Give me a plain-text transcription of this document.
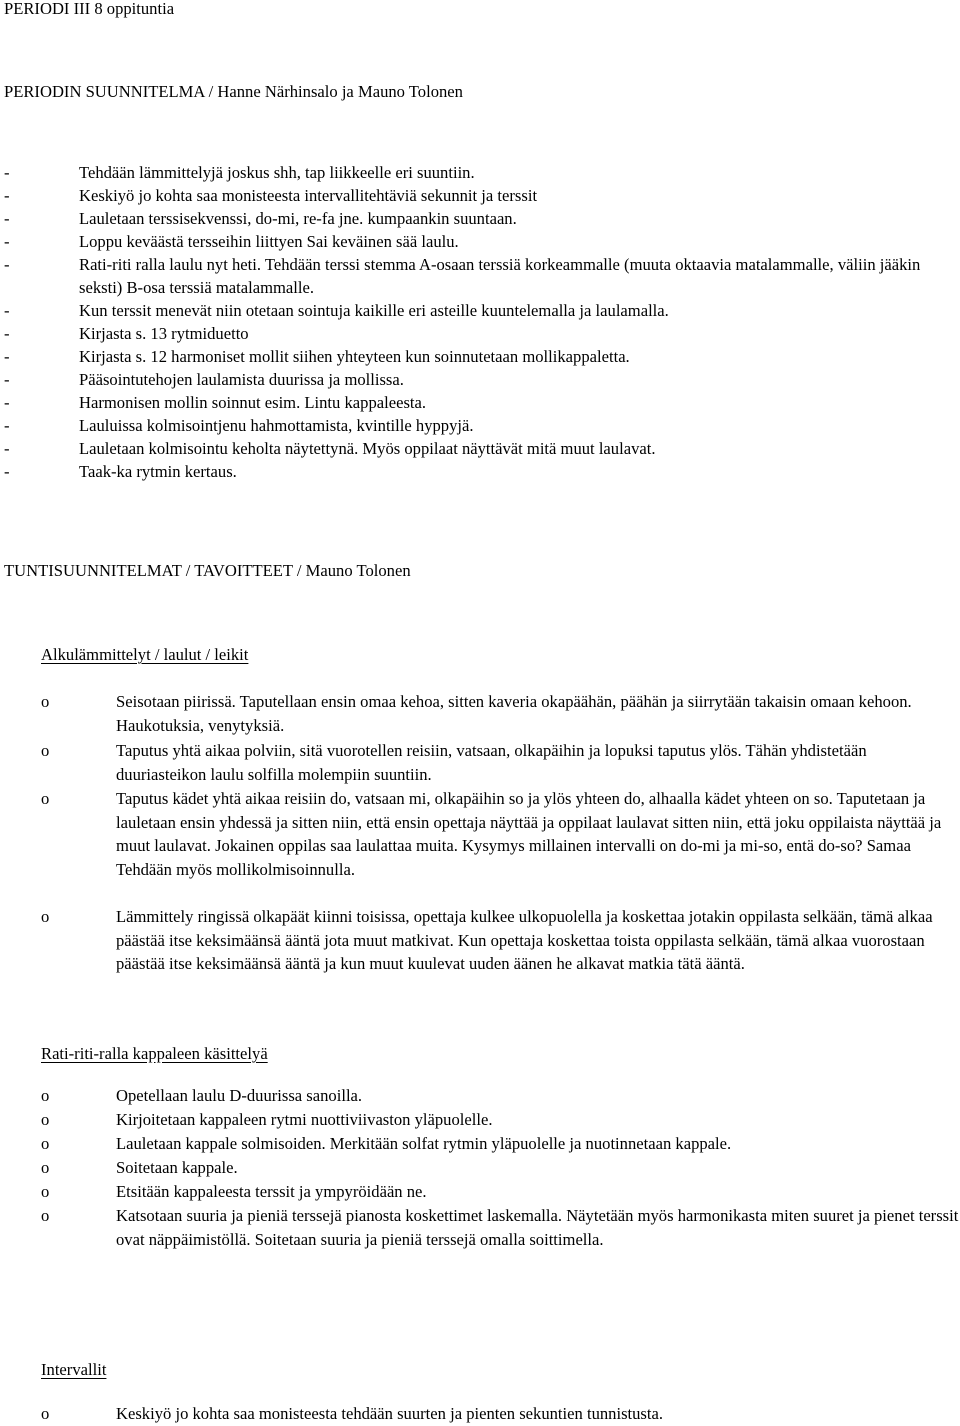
PERIODI III 8 oppituntia
PERIODIN SUUNNITELMA / Hanne Närhinsalo ja Mauno Tolonen
-	Tehdään lämmittelyjä joskus shh, tap liikkeelle eri suuntiin.
-	Keskiyö jo kohta saa monisteesta intervallitehtäviä sekunnit ja terssit
-	Lauletaan terssisekvenssi, do-mi, re-fa jne. kumpaankin suuntaan.
-	Loppu keväästä tersseihin liittyen Sai keväinen sää laulu.
-	Rati-riti ralla laulu nyt heti. Tehdään terssi stemma A-osaan terssiä korkeammalle (muuta oktaavia matalammalle, väliin jääkin seksti) B-osa terssiä matalammalle.
-	Kun terssit menevät niin otetaan sointuja kaikille eri asteille kuuntelemalla ja laulamalla.
-	Kirjasta s. 13 rytmiduetto
-	Kirjasta s. 12 harmoniset mollit siihen yhteyteen kun soinnutetaan mollikappaletta.
-	Pääsointutehojen laulamista duurissa ja mollissa.
-	Harmonisen mollin soinnut esim. Lintu kappaleesta.
-	Lauluissa kolmisointjenu hahmottamista, kvintille hyppyjä.
-	Lauletaan kolmisointu keholta näytettynä. Myös oppilaat näyttävät mitä muut laulavat.
-	Taak-ka rytmin kertaus.
TUNTISUUNNITELMAT / TAVOITTEET / Mauno Tolonen
Alkulämmittelyt / laulut / leikit
o	Seisotaan piirissä. Taputellaan ensin omaa kehoa, sitten kaveria okapäähän, päähän ja siirrytään takaisin omaan kehoon. Haukotuksia, venytyksiä.
o	Taputus yhtä aikaa polviin, sitä vuorotellen reisiin, vatsaan, olkapäihin ja lopuksi taputus ylös. Tähän yhdistetään duuriasteikon laulu solfilla molempiin suuntiin.
o	Taputus kädet yhtä aikaa reisiin do, vatsaan mi, olkapäihin so ja ylös yhteen do, alhaalla kädet yhteen on so. Taputetaan ja lauletaan ensin yhdessä ja sitten niin, että ensin opettaja näyttää ja oppilaat laulavat sitten niin, että joku oppilaista näyttää ja muut laulavat. Jokainen oppilas saa laulattaa muita. Kysymys millainen intervalli on do-mi ja mi-so, entä do-so? Samaa Tehdään myös mollikolmisoinnulla.
o	Lämmittely ringissä olkapäät kiinni toisissa, opettaja kulkee ulkopuolella ja koskettaa jotakin oppilasta selkään, tämä alkaa päästää itse keksimäänsä ääntä jota muut matkivat. Kun opettaja koskettaa toista oppilasta selkään, tämä alkaa vuorostaan päästää itse keksimäänsä ääntä ja kun muut kuulevat uuden äänen he alkavat matkia tätä ääntä.
Rati-riti-ralla kappaleen käsittelyä
o	Opetellaan laulu D-duurissa sanoilla.
o	Kirjoitetaan kappaleen rytmi nuottiviivaston yläpuolelle.
o	Lauletaan kappale solmisoiden. Merkitään solfat rytmin yläpuolelle ja nuotinnetaan kappale.
o	Soitetaan kappale.
o	Etsitään kappaleesta terssit ja ympyröidään ne.
o	Katsotaan suuria ja pieniä terssejä pianosta koskettimet laskemalla. Näytetään myös harmonikasta miten suuret ja pienet terssit ovat näppäimistöllä. Soitetaan suuria ja pieniä terssejä omalla soittimella.
Intervallit
o	Keskiyö jo kohta saa monisteesta tehdään suurten ja pienten sekuntien tunnistusta.
